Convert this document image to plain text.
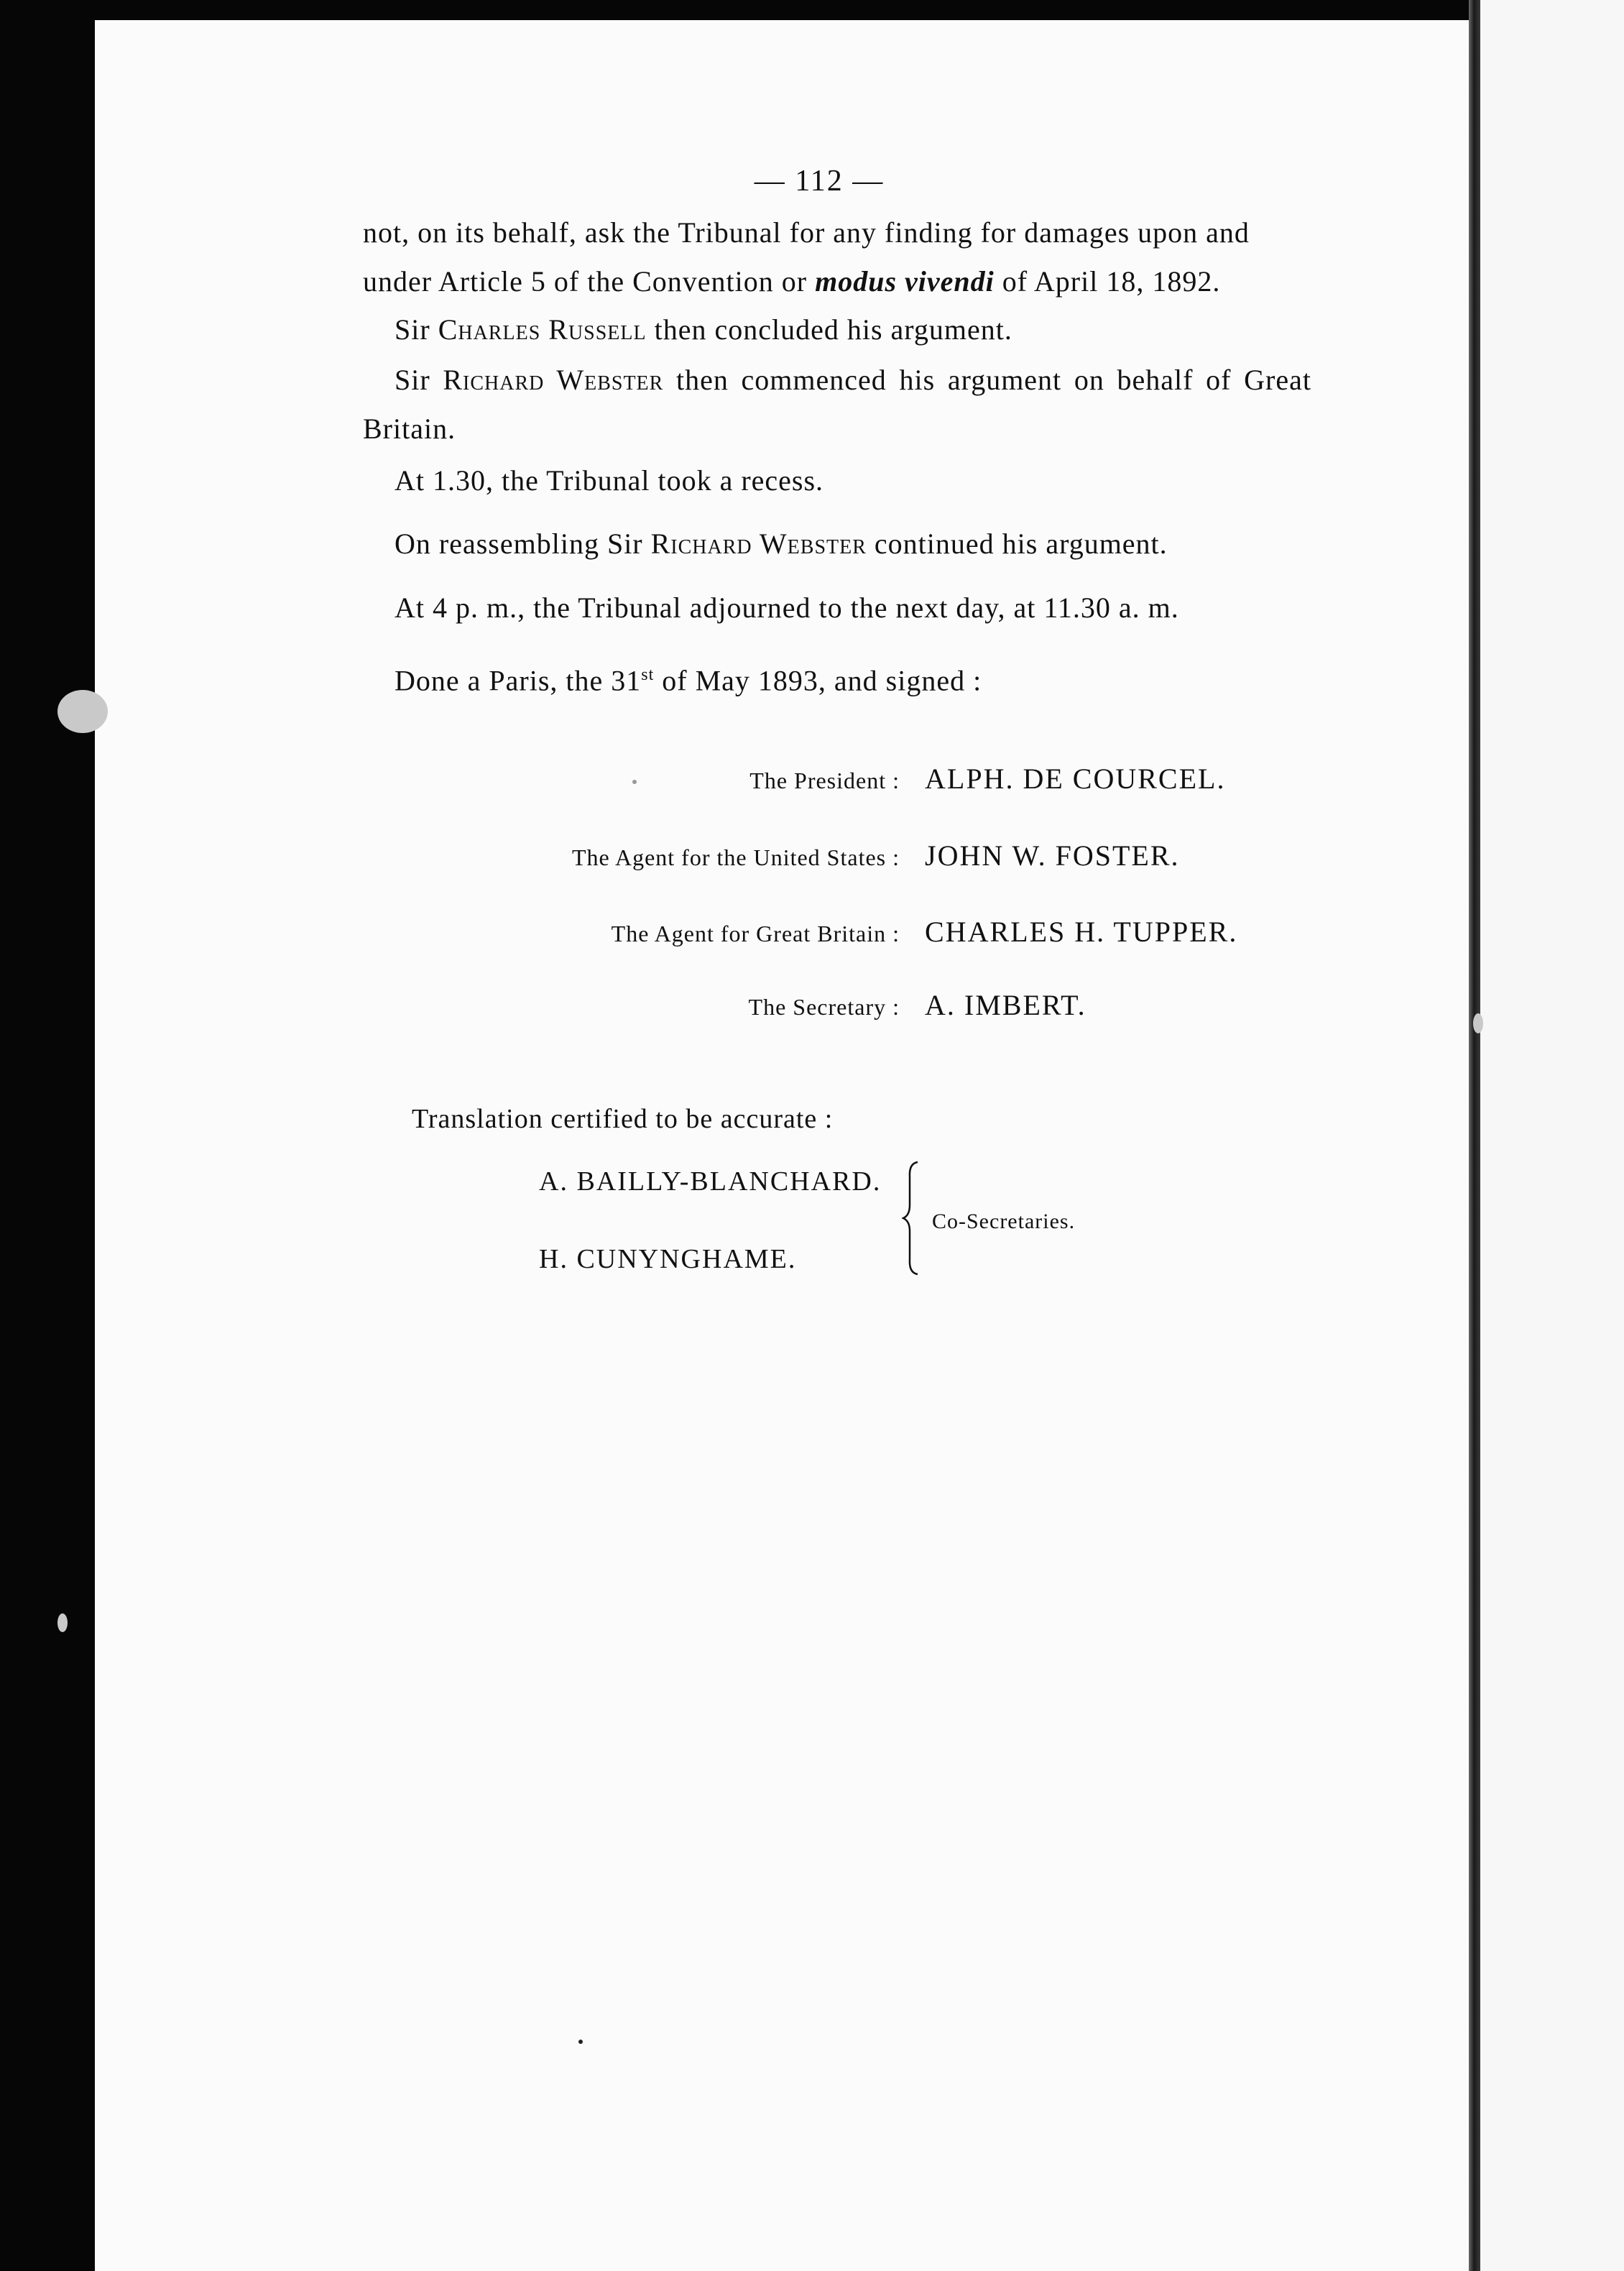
— 112 —
not, on its behalf, ask the Tribunal for any finding for damages upon and
under Article 5 of the Convention or modus vivendi of April 18, 1892.
Sir Charles Russell then concluded his argument.
Sir Richard Webster then commenced his argument on behalf of Great Britain.
At 1.30, the Tribunal took a recess.
On reassembling Sir Richard Webster continued his argument.
At 4 p. m., the Tribunal adjourned to the next day, at 11.30 a. m.
Done a Paris, the 31st of May 1893, and signed :
The President : ALPH. DE COURCEL.
The Agent for the United States : JOHN W. FOSTER.
The Agent for Great Britain : CHARLES H. TUPPER.
The Secretary : A. IMBERT.
Translation certified to be accurate :
A. BAILLY-BLANCHARD.
H. CUNYNGHAME.
Co-Secretaries.
